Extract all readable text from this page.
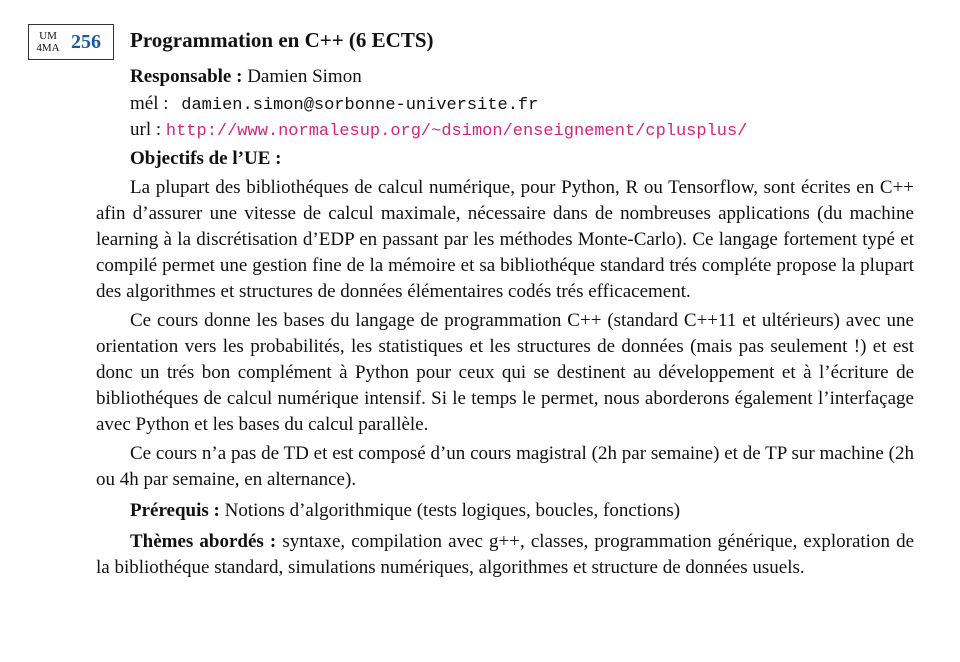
UM
4MA 256 Programmation en C++ (6 ECTS)
Responsable : Damien Simon
mél : damien.simon@sorbonne-universite.fr
url : http://www.normalesup.org/~dsimon/enseignement/cplusplus/
Objectifs de l’UE :

La plupart des bibliothéques de calcul numérique, pour Python, R ou Tensorflow, sont écrites en C++ afin d’assurer une vitesse de calcul maximale, nécessaire dans de nombreuses applications (du machine learning à la discrétisation d’EDP en passant par les méthodes Monte-Carlo). Ce langage fortement typé et compilé permet une gestion fine de la mémoire et sa bibliothéque standard trés compléte propose la plupart des algorithmes et structures de données élémentaires codés trés efficacement.

Ce cours donne les bases du langage de programmation C++ (standard C++11 et ultérieurs) avec une orientation vers les probabilités, les statistiques et les structures de données (mais pas seulement !) et est donc un trés bon complément à Python pour ceux qui se destinent au développement et à l’écriture de bibliothéques de calcul numérique intensif. Si le temps le permet, nous aborderons également l’interfaçage avec Python et les bases du calcul parallèle.

Ce cours n’a pas de TD et est composé d’un cours magistral (2h par semaine) et de TP sur machine (2h ou 4h par semaine, en alternance).

Prérequis : Notions d’algorithmique (tests logiques, boucles, fonctions)

Thèmes abordés : syntaxe, compilation avec g++, classes, programmation générique, exploration de la bibliothéque standard, simulations numériques, algorithmes et structure de données usuels.
